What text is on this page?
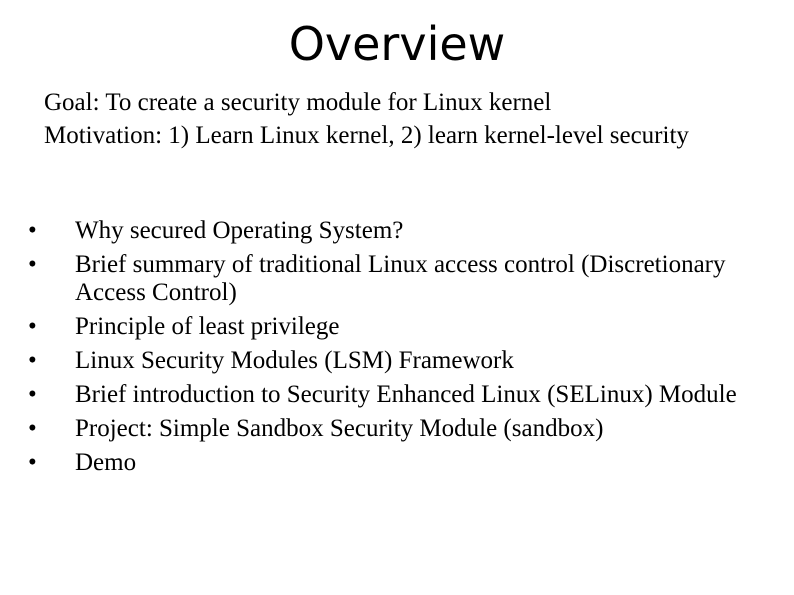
Overview

Goal: To create a security module for Linux kernel

Motivation: 1) Learn Linux kernel, 2) learn kernel-level security

•	Why secured Operating System?
•	Brief summary of traditional Linux access control (Discretionary Access Control)
•	Principle of least privilege
•	Linux Security Modules (LSM) Framework
•	Brief introduction to Security Enhanced Linux (SELinux) Module
•	Project: Simple Sandbox Security Module (sandbox)
•	Demo
